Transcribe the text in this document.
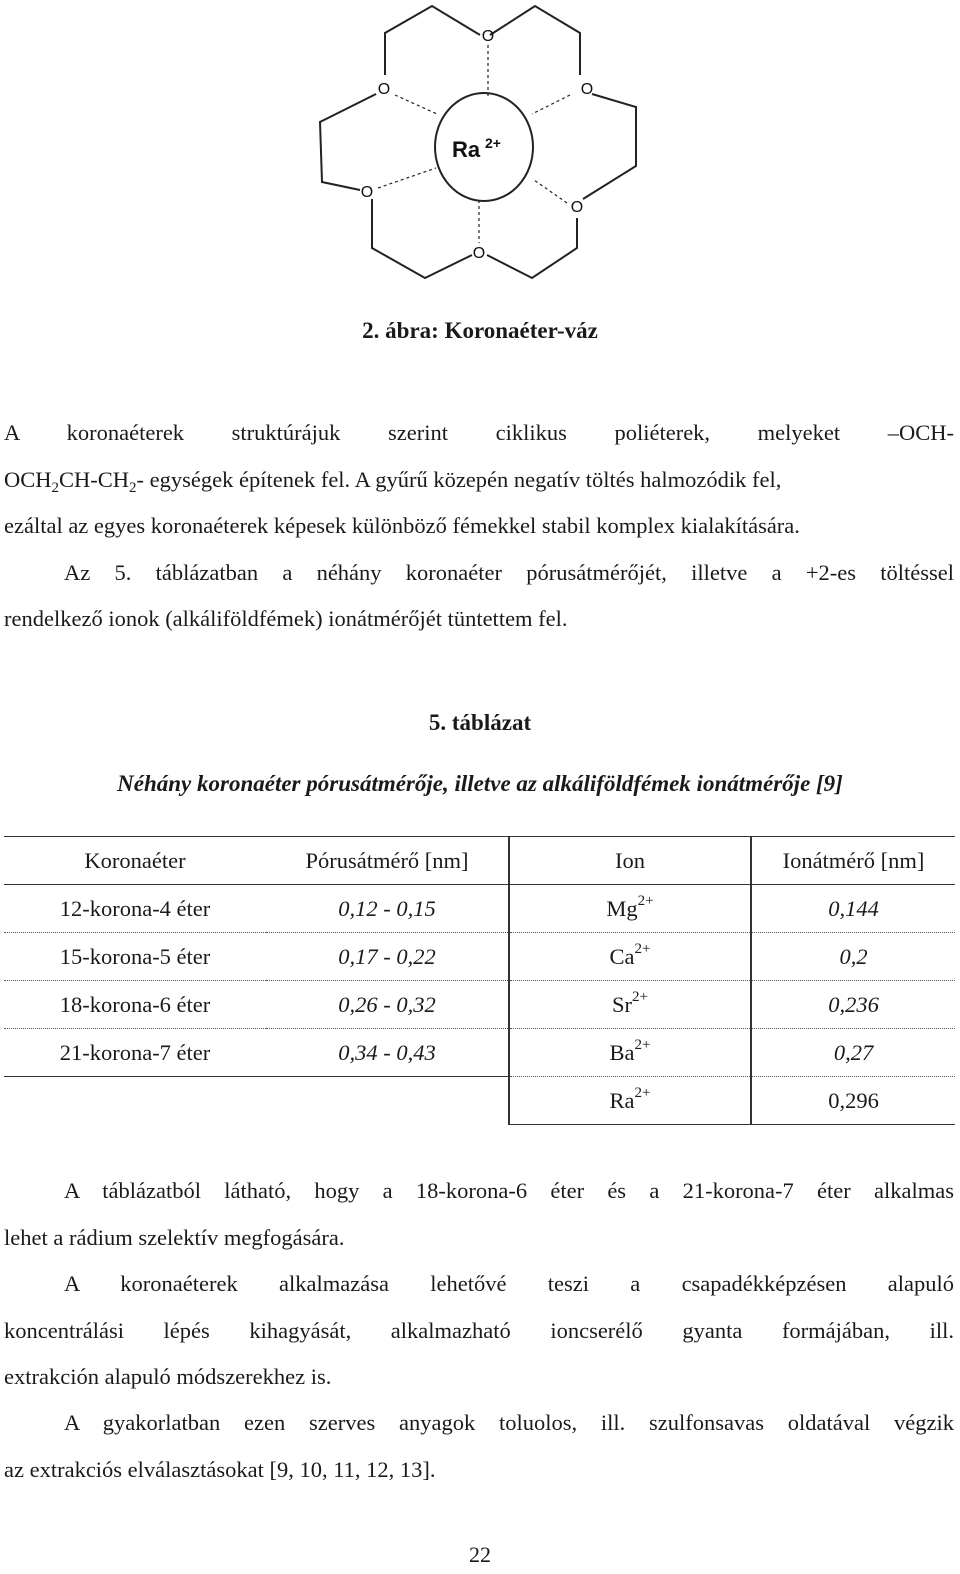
O
O	O
O
O
O
Ra 2+
2. ábra: Koronaéter-váz
A koronaéterek struktúrájuk szerint ciklikus poliéterek, melyeket –OCH-
$OCH_2CH-CH_2-$ egységek építenek fel. A gyűrű közepén negatív töltés halmozódik fel,
ezáltal az egyes koronaéterek képesek különböző fémekkel stabil komplex kialakítására.
Az 5. táblázatban a néhány koronaéter pórusátmérőjét, illetve a +2-es töltéssel
rendelkező ionok (alkáliföldfémek) ionátmérőjét tüntettem fel.
5. táblázat
Néhány koronaéter pórusátmérője, illetve az alkáliföldfémek ionátmérője [9]
Koronaéter	Pórusátmérő [nm]	Ion	Ionátmérő [nm]
12-korona-4 éter	0,12 - 0,15	$Mg^{2+}$	0,144
15-korona-5 éter	0,17 - 0,22	$Ca^{2+}$	0,2
18-korona-6 éter	0,26 - 0,32	$Sr^{2+}$	0,236
21-korona-7 éter	0,34 - 0,43	$Ba^{2+}$	0,27
		$Ra^{2+}$	0,296
A táblázatból látható, hogy a 18-korona-6 éter és a 21-korona-7 éter alkalmas
lehet a rádium szelektív megfogására.
A koronaéterek alkalmazása lehetővé teszi a csapadékképzésen alapuló
koncentrálási lépés kihagyását, alkalmazható ioncserélő gyanta formájában, ill.
extrakción alapuló módszerekhez is.
A gyakorlatban ezen szerves anyagok toluolos, ill. szulfonsavas oldatával végzik
az extrakciós elválasztásokat [9, 10, 11, 12, 13].
22
